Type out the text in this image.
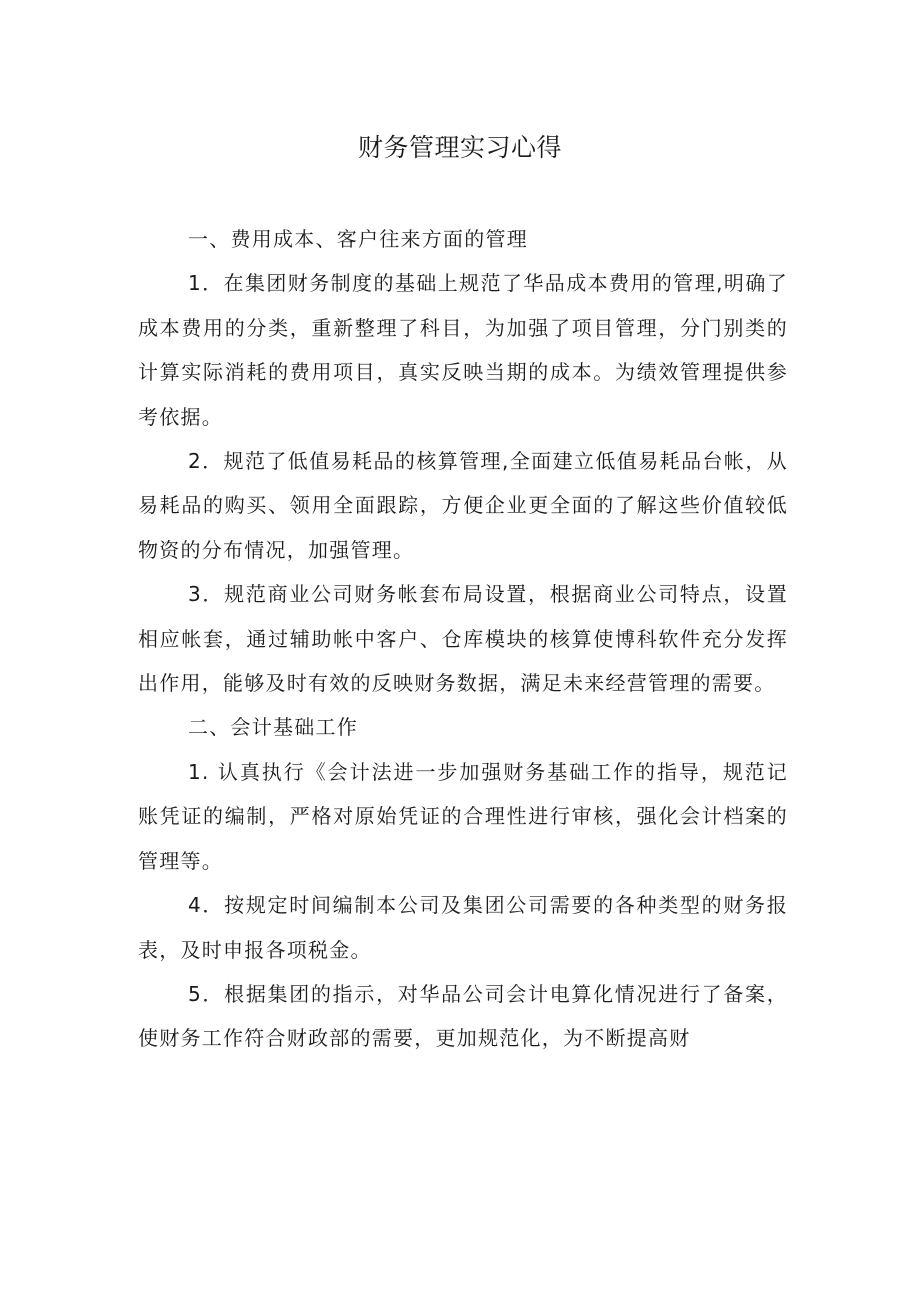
财务管理实习心得

一、费用成本、客户往来方面的管理

1．在集团财务制度的基础上规范了华品成本费用的管理,明确了成本费用的分类，重新整理了科目，为加强了项目管理，分门别类的计算实际消耗的费用项目，真实反映当期的成本。为绩效管理提供参考依据。

2．规范了低值易耗品的核算管理,全面建立低值易耗品台帐，从易耗品的购买、领用全面跟踪，方便企业更全面的了解这些价值较低物资的分布情况，加强管理。

3．规范商业公司财务帐套布局设置，根据商业公司特点，设置相应帐套，通过辅助帐中客户、仓库模块的核算使博科软件充分发挥出作用，能够及时有效的反映财务数据，满足未来经营管理的需要。

二、会计基础工作

1. 认真执行《会计法进一步加强财务基础工作的指导，规范记账凭证的编制，严格对原始凭证的合理性进行审核，强化会计档案的管理等。

4．按规定时间编制本公司及集团公司需要的各种类型的财务报表，及时申报各项税金。

5．根据集团的指示，对华品公司会计电算化情况进行了备案，使财务工作符合财政部的需要，更加规范化，为不断提高财
